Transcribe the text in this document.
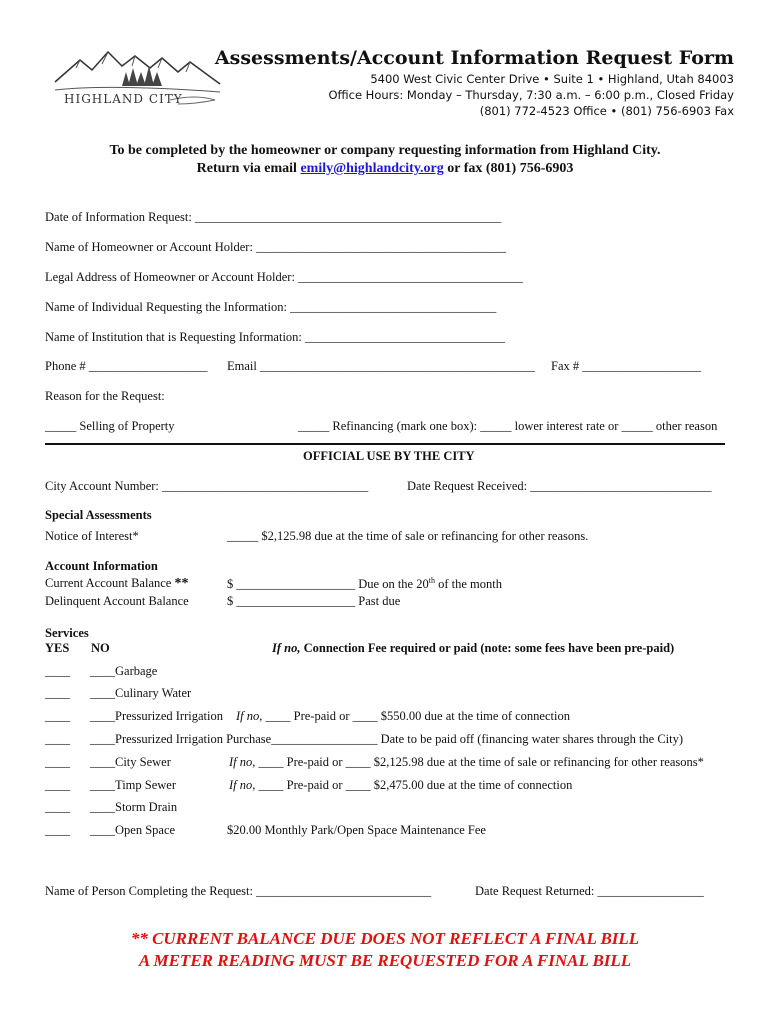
HIGHLAND CITY
Assessments/Account Information Request Form
5400 West Civic Center Drive • Suite 1 • Highland, Utah 84003
Office Hours: Monday – Thursday, 7:30 a.m. – 6:00 p.m., Closed Friday
(801) 772-4523 Office • (801) 756-6903 Fax
To be completed by the homeowner or company requesting information from Highland City.
Return via email emily@highlandcity.org or fax (801) 756-6903
Date of Information Request: _________________________________________________
Name of Homeowner or Account Holder: ________________________________________
Legal Address of Homeowner or Account Holder: ____________________________________
Name of Individual Requesting the Information: _________________________________
Name of Institution that is Requesting Information: ________________________________
Phone # ___________________ Email ____________________________________________ Fax # ___________________
Reason for the Request:
_____ Selling of Property	_____ Refinancing (mark one box): _____ lower interest rate or _____ other reason
OFFICIAL USE BY THE CITY
City Account Number: _________________________________	Date Request Received: _____________________________
Special Assessments
Notice of Interest*	_____ $2,125.98 due at the time of sale or refinancing for other reasons.
Account Information
Current Account Balance **	$ ___________________ Due on the 20th of the month
Delinquent Account Balance	$ ___________________ Past due
Services
YES NO	If no, Connection Fee required or paid (note: some fees have been pre-paid)
____ ____Garbage
____ ____Culinary Water
____ ____Pressurized Irrigation If no, ____ Pre-paid or ____ $550.00 due at the time of connection
____ ____Pressurized Irrigation Purchase_________________ Date to be paid off (financing water shares through the City)
____ ____City Sewer	If no, ____ Pre-paid or ____ $2,125.98 due at the time of sale or refinancing for other reasons*
____ ____Timp Sewer	If no, ____ Pre-paid or ____ $2,475.00 due at the time of connection
____ ____Storm Drain
____ ____Open Space	$20.00 Monthly Park/Open Space Maintenance Fee
Name of Person Completing the Request: ____________________________	Date Request Returned: _________________
** CURRENT BALANCE DUE DOES NOT REFLECT A FINAL BILL
A METER READING MUST BE REQUESTED FOR A FINAL BILL
